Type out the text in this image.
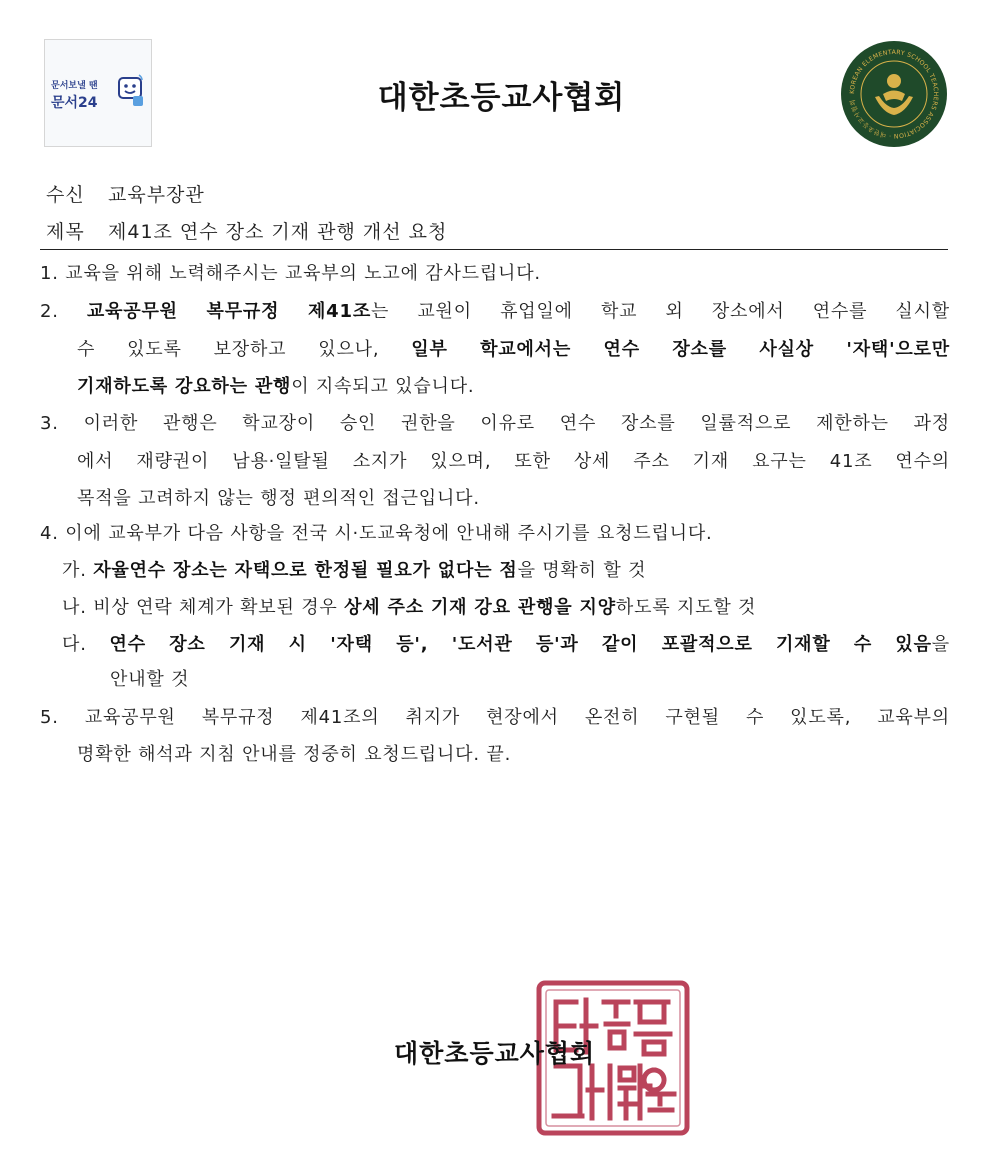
문서보낼 땐
문서24	대한초등교사협회	KOREAN ELEMENTARY SCHOOL TEACHERS ASSOCIATION · 대한초등교사협회
수신 교육부장관
제목 제41조 연수 장소 기재 관행 개선 요청
1. 교육을 위해 노력해주시는 교육부의 노고에 감사드립니다.
2. 교육공무원 복무규정 제41조는 교원이 휴업일에 학교 외 장소에서 연수를 실시할
수 있도록 보장하고 있으나, 일부 학교에서는 연수 장소를 사실상 '자택'으로만
기재하도록 강요하는 관행이 지속되고 있습니다.
3. 이러한 관행은 학교장이 승인 권한을 이유로 연수 장소를 일률적으로 제한하는 과정
에서 재량권이 남용·일탈될 소지가 있으며, 또한 상세 주소 기재 요구는 41조 연수의
목적을 고려하지 않는 행정 편의적인 접근입니다.
4. 이에 교육부가 다음 사항을 전국 시·도교육청에 안내해 주시기를 요청드립니다.
가. 자율연수 장소는 자택으로 한정될 필요가 없다는 점을 명확히 할 것
나. 비상 연락 체계가 확보된 경우 상세 주소 기재 강요 관행을 지양하도록 지도할 것
다. 연수 장소 기재 시 '자택 등', '도서관 등'과 같이 포괄적으로 기재할 수 있음을
안내할 것
5. 교육공무원 복무규정 제41조의 취지가 현장에서 온전히 구현될 수 있도록, 교육부의
명확한 해석과 지침 안내를 정중히 요청드립니다. 끝.
대한초등교사협회
대한초등교사협회
